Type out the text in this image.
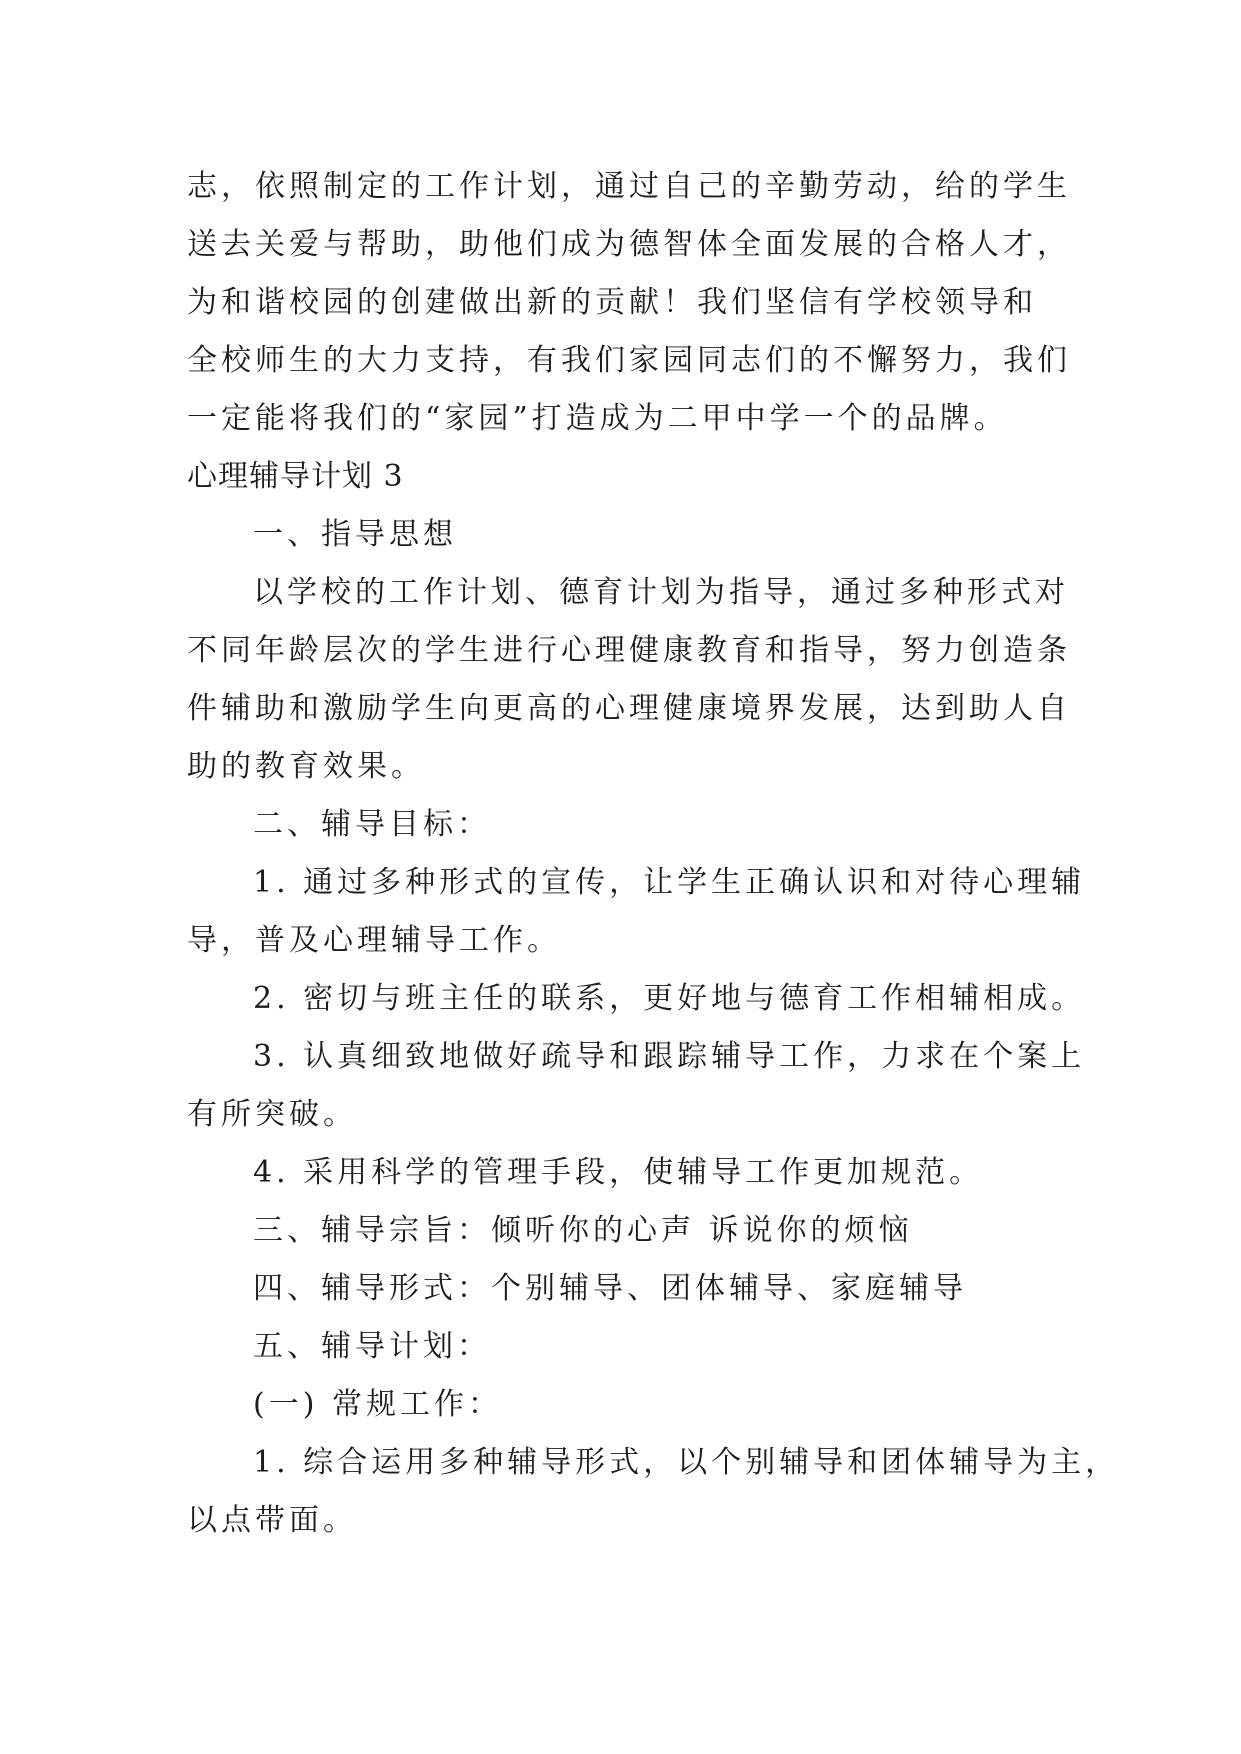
志，依照制定的工作计划，通过自己的辛勤劳动，给的学生
送去关爱与帮助，助他们成为德智体全面发展的合格人才，
为和谐校园的创建做出新的贡献！我们坚信有学校领导和
全校师生的大力支持，有我们家园同志们的不懈努力，我们
一定能将我们的“家园”打造成为二甲中学一个的品牌。
心理辅导计划 3
一、指导思想
以学校的工作计划、德育计划为指导，通过多种形式对
不同年龄层次的学生进行心理健康教育和指导，努力创造条
件辅助和激励学生向更高的心理健康境界发展，达到助人自
助的教育效果。
二、辅导目标：
1. 通过多种形式的宣传，让学生正确认识和对待心理辅
导，普及心理辅导工作。
2. 密切与班主任的联系，更好地与德育工作相辅相成。
3. 认真细致地做好疏导和跟踪辅导工作，力求在个案上
有所突破。
4. 采用科学的管理手段，使辅导工作更加规范。
三、辅导宗旨：倾听你的心声 诉说你的烦恼
四、辅导形式：个别辅导、团体辅导、家庭辅导
五、辅导计划：
(一) 常规工作：
1. 综合运用多种辅导形式，以个别辅导和团体辅导为主，
以点带面。
